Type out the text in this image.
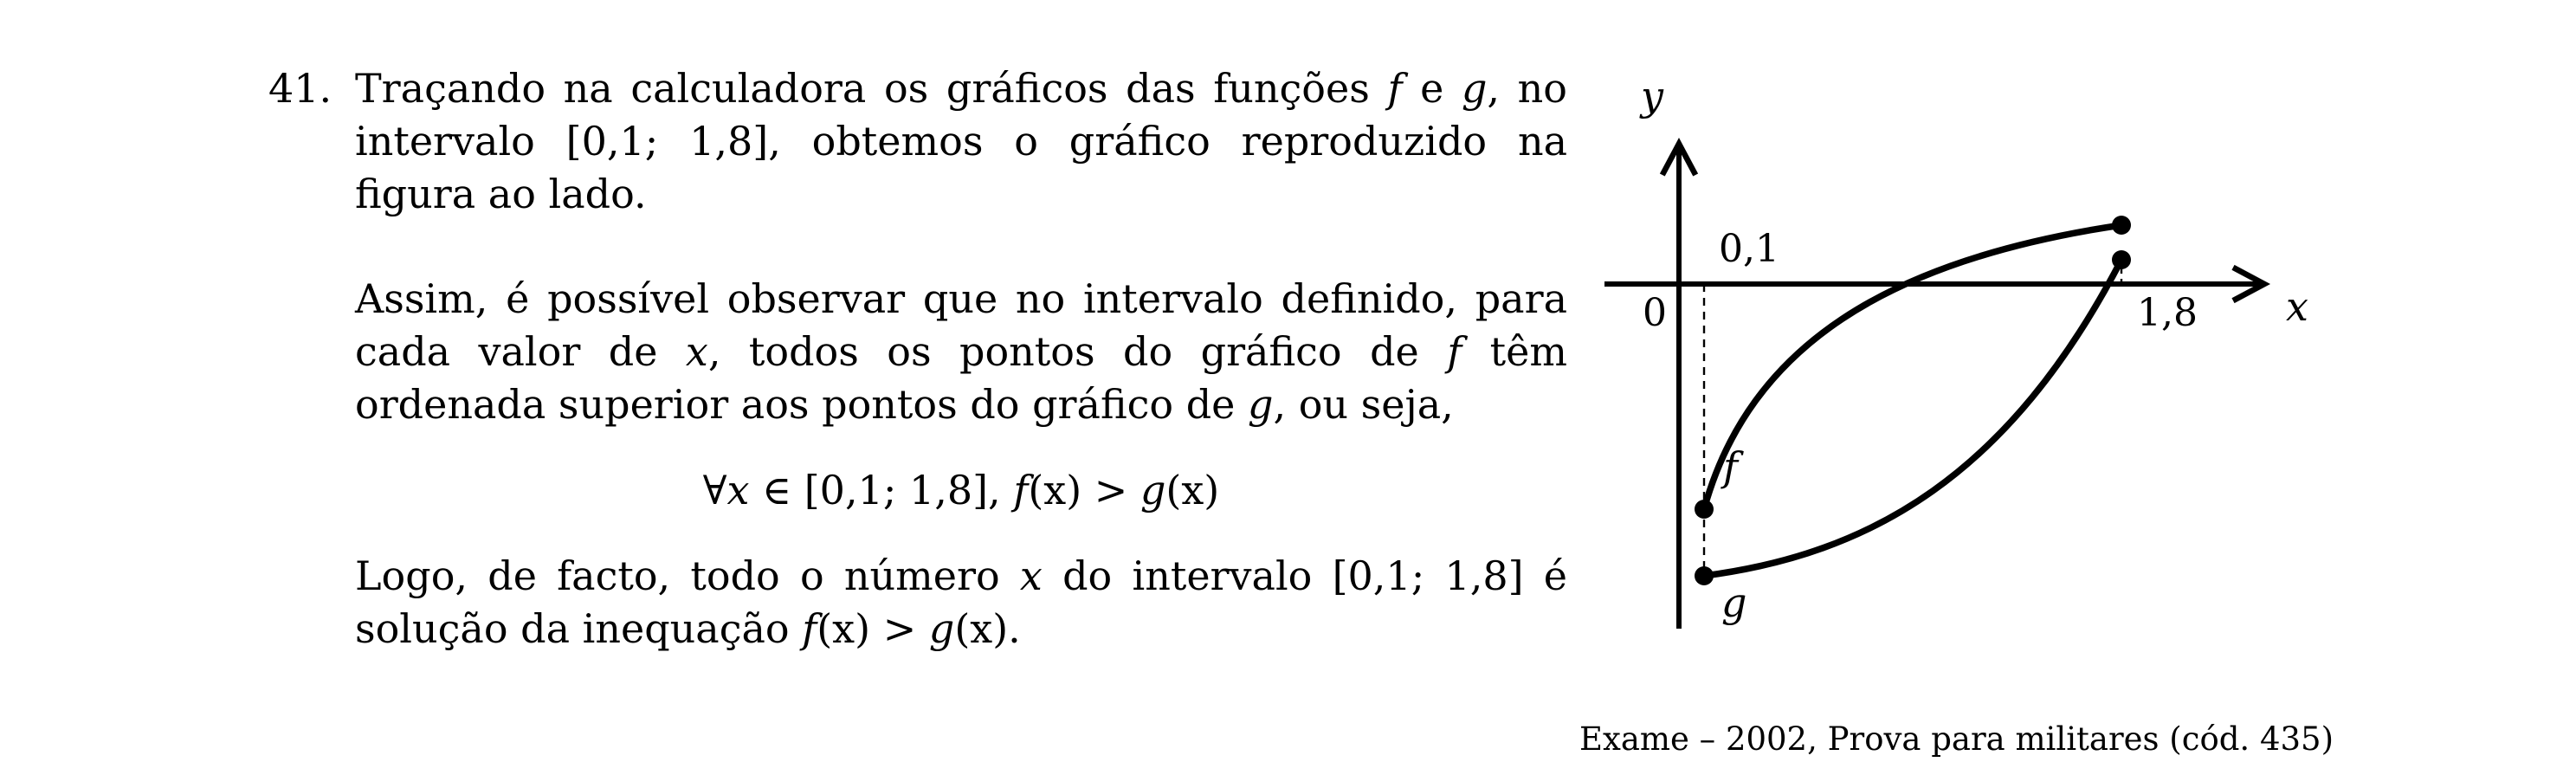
41. Traçando na calculadora os gráficos das funções f e g, no intervalo [0,1; 1,8], obtemos o gráfico reproduzido na figura ao lado.
Assim, é possível observar que no intervalo definido, para cada valor de x, todos os pontos do gráfico de f têm ordenada superior aos pontos do gráfico de g, ou seja,
∀x ∈ [0,1; 1,8], f(x) > g(x)
Logo, de facto, todo o número x do intervalo [0,1; 1,8] é solução da inequação f(x) > g(x).
y
x
0
0,1
1,8
f
g
Exame – 2002, Prova para militares (cód. 435)
